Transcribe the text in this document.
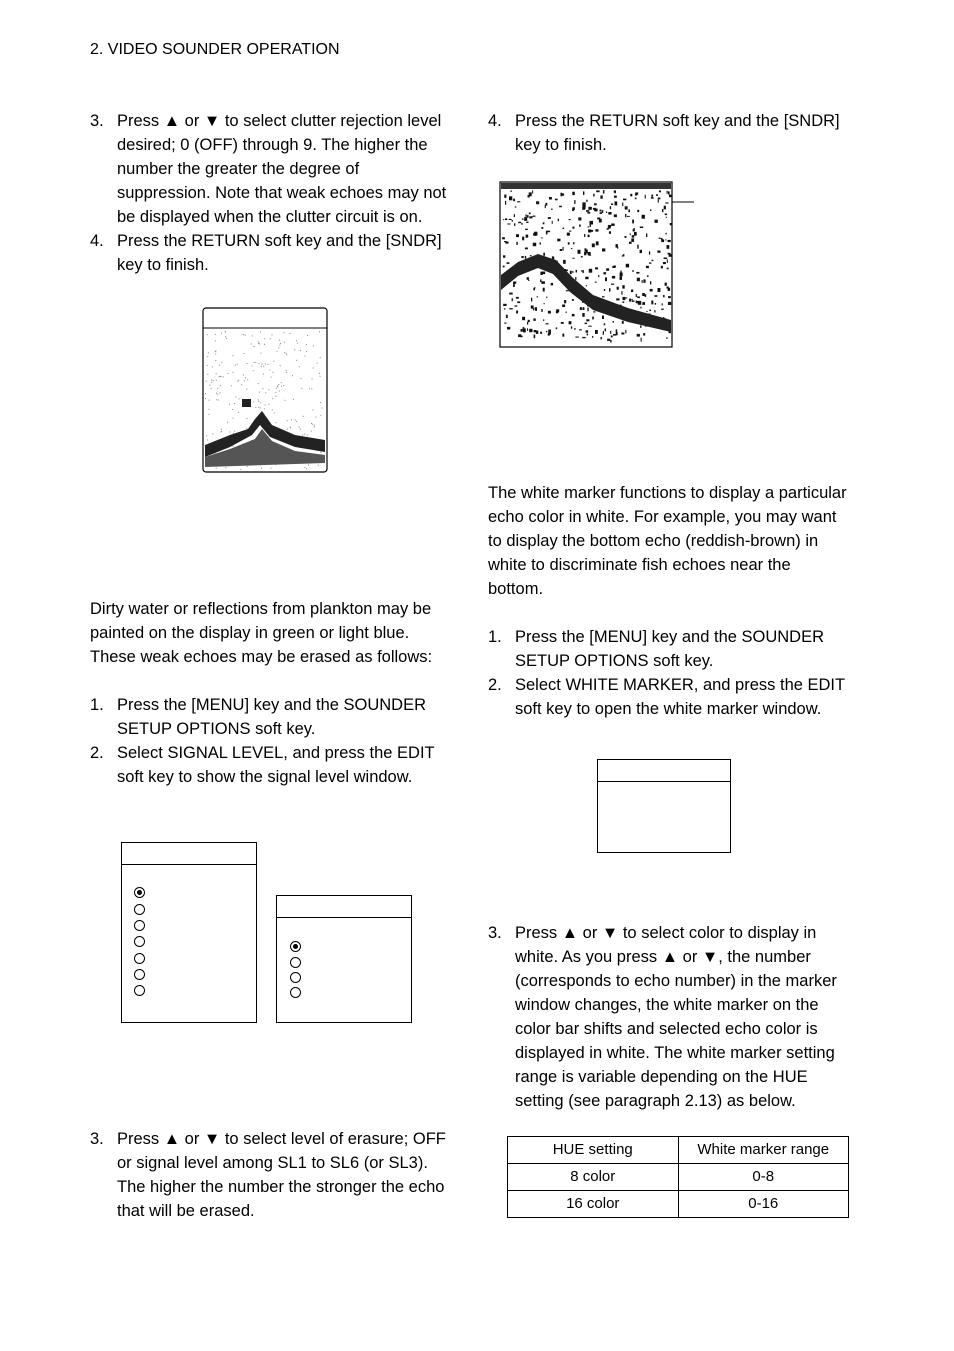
2. VIDEO SOUNDER OPERATION
3. Press ▲ or ▼ to select clutter rejection level desired; 0 (OFF) through 9. The higher the number the greater the degree of suppression. Note that weak echoes may not be displayed when the clutter circuit is on.
4. Press the RETURN soft key and the [SNDR] key to finish.

Dirty water or reflections from plankton may be painted on the display in green or light blue. These weak echoes may be erased as follows:

1. Press the [MENU] key and the SOUNDER SETUP OPTIONS soft key.
2. Select SIGNAL LEVEL, and press the EDIT soft key to show the signal level window.
3. Press ▲ or ▼ to select level of erasure; OFF or signal level among SL1 to SL6 (or SL3). The higher the number the stronger the echo that will be erased.
4. Press the RETURN soft key and the [SNDR] key to finish.

The white marker functions to display a particular echo color in white. For example, you may want to display the bottom echo (reddish-brown) in white to discriminate fish echoes near the bottom.

1. Press the [MENU] key and the SOUNDER SETUP OPTIONS soft key.
2. Select WHITE MARKER, and press the EDIT soft key to open the white marker window.
3. Press ▲ or ▼ to select color to display in white. As you press ▲ or ▼, the number (corresponds to echo number) in the marker window changes, the white marker on the color bar shifts and selected echo color is displayed in white. The white marker setting range is variable depending on the HUE setting (see paragraph 2.13) as below.
HUE setting	White marker range
8 color	0-8
16 color	0-16
